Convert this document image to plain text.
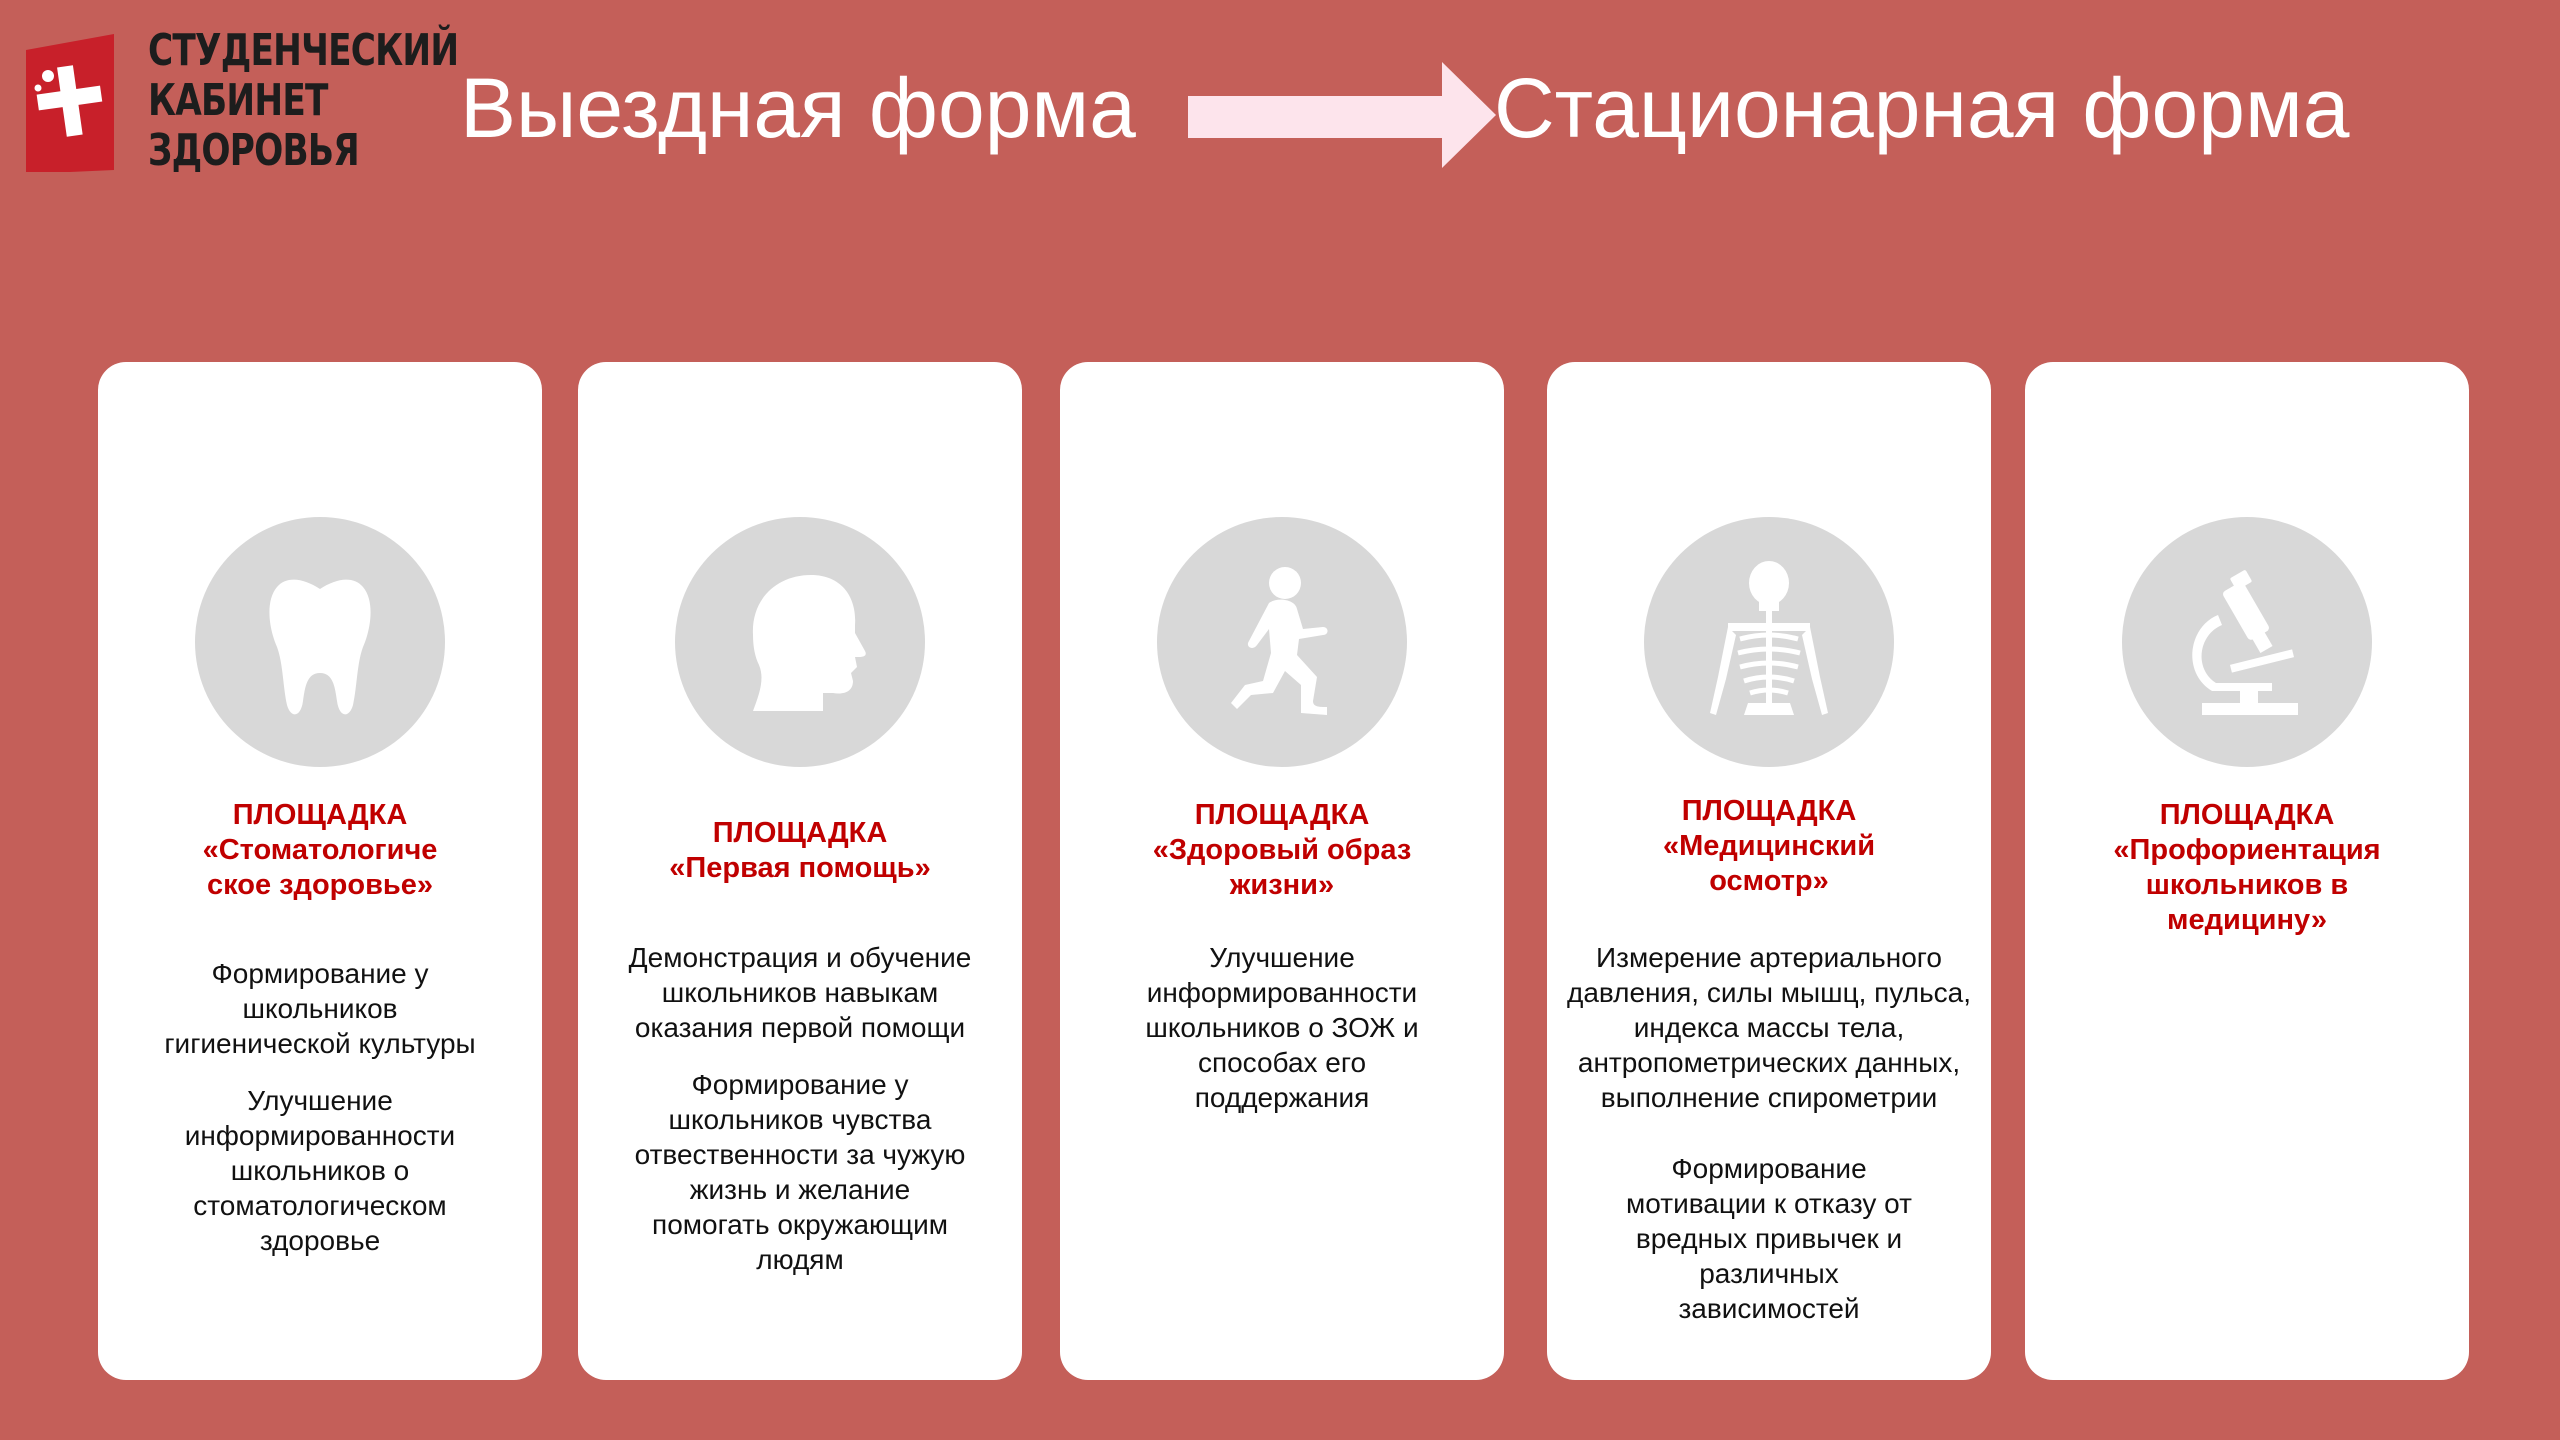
СТУДЕНЧЕСКИЙ
КАБИНЕТ
ЗДОРОВЬЯ	Выездная форма	Стационарная форма
ПЛОЩАДКА
«Стоматологиче
ское здоровье»

Формирование у школьников гигиенической культуры

Улучшение информированности школьников о стоматологическом здоровье

ПЛОЩАДКА
«Первая помощь»

Демонстрация и обучение школьников навыкам оказания первой помощи

Формирование у школьников чувства отвественности за чужую жизнь и желание помогать окружающим людям

ПЛОЩАДКА
«Здоровый образ
жизни»

Улучшение информированности школьников о ЗОЖ и способах его поддержания

ПЛОЩАДКА
«Медицинский
осмотр»

Измерение артериального давления, силы мышц, пульса, индекса массы тела, антропометрических данных, выполнение спирометрии

Формирование мотивации к отказу от вредных привычек и различных зависимостей

ПЛОЩАДКА
«Профориентация
школьников в
медицину»
